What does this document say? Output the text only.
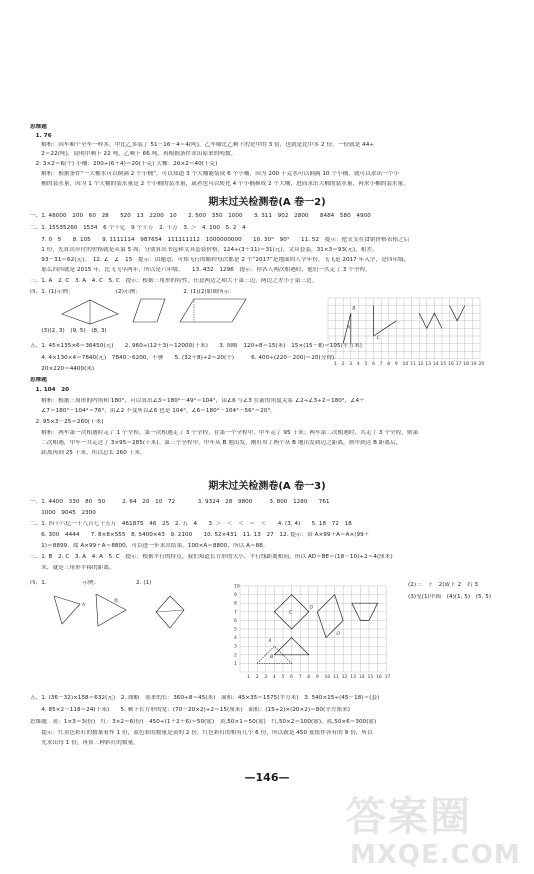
思维题
　1. 76
　　解析：因车厢个全车一样多，甲比乙多装了 51－16－4＝4(吨)，乙车厢比乙剩下的是甲的 3 倍，也就是比甲多 2 份，一份就是 44÷
　　2＝22(吨)，说明甲剩下 22 吨，乙剩下 66 吨，再根据条件求出原来的吨数。
　2. 3×2＝6(个) 小桶：200÷(6＋4)＝20(千克) 大桶：20×2＝40(千克)
　　解析：根据条件“一大桶水可以倒满 2 个小桶”，可以知道 3 个大桶能装成 6 个小桶，因为 200 千克水可以倒满 10 个小桶，就可以求出一个小
　　桶的装水量，因为 1 个大桶的装水量是 2 个小桶的装水量，或者也可以转化 4 个小桶换成 2 个大桶，进而求出大桶的装水量，再求小桶的装水量。
期末过关检测卷(A 卷一2)
一、1. 48000　200　60　28　　520　13　2200　10　　2. 500　350　1000　　3. 311　902　2800　　8484　580　4900
二、1. 15535260　1534　6 个十亿　9 个千万　2. 十万　3. ＞　4. 100　5. 2　4
　　7. 0　5　　8. 105　　9. 1111114　987654　111111112　1000000000　　10. 30°　90°　　11. 52　提示：把支支在食销价格表格之后
　　1 份，先算出应付的价格就是从第 5 周，分别算出书包和文具套装价格，124÷(3＋11)＝31(元)，文具套装，31×3＝93(元)，相差，
　　93－31＝62(元)。　12. ∠　∠　15　提示：由题意，可知飞行的路程每次都是 2 个“2017”是地面的人学年份，飞飞是 2017 年入学，是四年级，
　　那么四四就是 2015 年，比飞飞早两年，所以是六年级。　　13. 432　1296　提示：你各人两次相遇时，他们一共走了 3 个全程。
三、1. A　2. C　3. A　4. C　5. C　提示：根据三角形的特性，任意两边之和大于第三边，两边之差小于第三边。
四、1. (1)示例：　　　　　　　　(2)示例：　　　　　　　　2. (1)(2)如图所示：
1 2 3 4 5 6 7 8 9 10 11 12 13 14 15 16 17 18 19 20
A
B
C
　　(3)(2, 3)　(9, 5)　(8, 3)
五、1. 45×135×6＝36450(元)　　2. 960÷(12＋3)＝12000(千米)　　3. 图略　120÷8＝15(米)　15×(15－8)＝105(平方米)
　　4. 4×130×4＝7840(元)　7840＞6200，不够　　5. (32＋8)÷2＝20(个)　　　6. 400÷(220－200)＝20(分钟)
　　20×220＝4400(米)
思维题
　1. 104　20
　　解析：根据三角形的内角和 180°，可以算出∠3＝180°－49°＝104°，由∠6 与∠3 在新的角度关系 ∠2÷∠3÷2＝180°，∠4＋
　　∠7＝180°－104°＝76°，由∠2 不变所以∠6 也是 104°，∠6＝180°－104°－56°＝20°。
　2. 95×3－25＝260(千米)
　　解析：两车第一次相遇时走了 1 个全程，第一次相遇走了 3 个全程，在第一个全程中，甲车走了 95 千米；两车第二次相遇时，共走了 3 个全程，则第
　　二次相遇，甲车一共走过了 3×95＝285(千米)。第三个全程中，甲车从 B 地出发，刚好用了两个从 B 地出发到边之距离，则甲到达 B 距离后，
　　距离再到 25 千米，所以总长 260 千米。
期末过关检测卷(A 卷一3)
一、1. 4400　330　80　50　　　2. 64　20　10　72　　　　3. 9324　28　9800　　　3. 800　1280　　761
　　1000　9045　2300
二、1. 四十六亿一千八百七十五万　461875　46　25　2. 五　4　　3. ＞　＜　＜　＝　＜　　4. (3, 4)　　5. 18　72　18
　　6. 300　4444　　7. 8×8×555　8. 5400×43　9. 2100　　10. 52×431　11. 13　27　12. 提示：由 A×99＋A＝A×(99＋
　　1)＝8899，故 A×99＋A＝8800，可以进一步求出结果。100×A＝8800，所以 A＝88。
三、1. B　2. C　3. A　4. A　5. C　提示：根据平行的特点，我们知道长方形的大小，平行线距离相同，所以 AD＝BE＝(18－10)÷2＝4(厘米)
　　米，就是三角形平移的距离。
四、1. 　　　　　　示例：　　　　　　　2. (1)
A
底
1 2 3 4 5 6 7 8 9 10 11 12 13 14 15 16 17
1
2
3
4
5
6
7
8
9
10
A
B
C
D
O
(2)三　下　2(或下 2　右 3
(3)见(1)中图　(4)(1, 5)　(5, 5)
五、1. (36－32)×158＝632(元)　2. 图略　原来的长：360÷8＝45(米)　面积：45×35＝1575(平方米)　3. 540×15÷(45－18)＝(套)
　　4. 85×2－118＝24(千米)　　5. 剩下长方形的宽：(70－20×2)÷2＝15(厘米)　面积：(15÷2)×(20×2)＝80(平方厘米)
思维题　黄：1×3＝3(份)　红：3×2＝6(份)　450÷(1＋2＋6)＝50(盆)　黄,50×1＝50(盆)　红,50×2＝100(盆)，蓝,50×6＝300(盆)
　　提示：红黄色彩打的数量看作 1 份，蓝色彩的数量是黄的 2 份，红色彩打的相有几个 6 份，所以就是 450 盆依作各有的 9 份，所以
　　先求出每 1 份，再算三种彩打的数量。
—146—
答案圈
MXQE.COM
